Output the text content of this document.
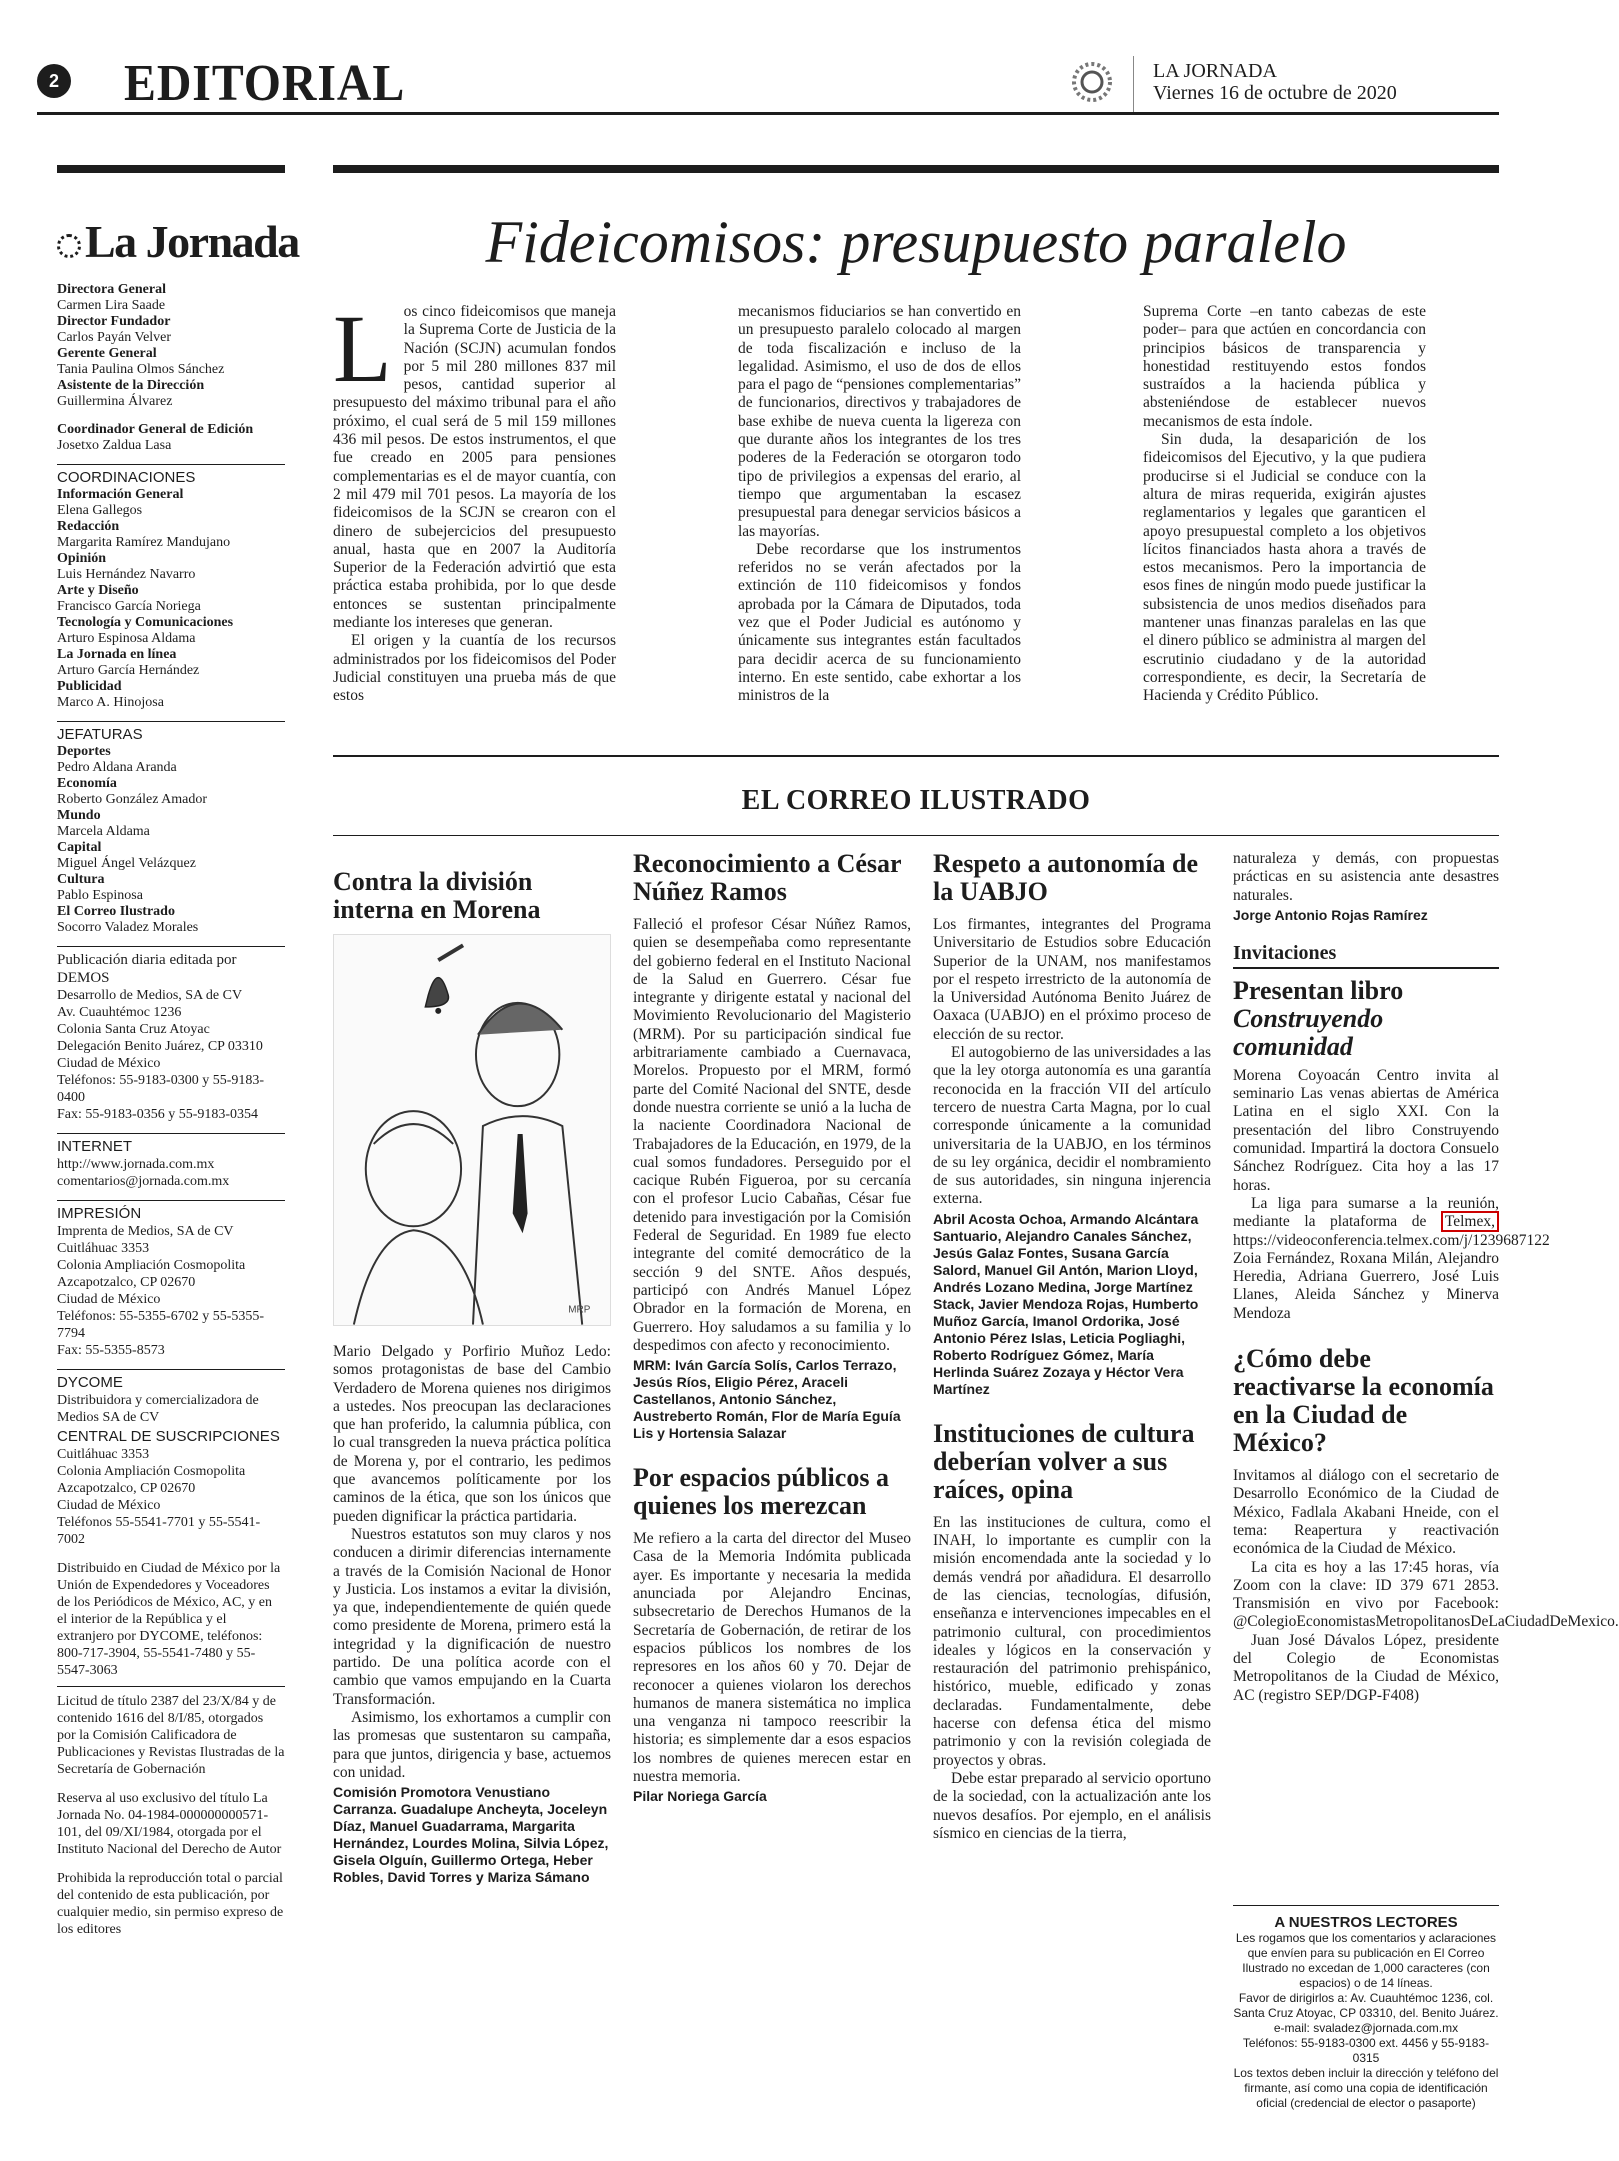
2 EDITORIAL	LA JORNADA
Viernes 16 de octubre de 2020
La Jornada
Directora General
Carmen Lira Saade
Director Fundador
Carlos Payán Velver
Gerente General
Tania Paulina Olmos Sánchez
Asistente de la Dirección
Guillermina Álvarez
Coordinador General de Edición
Josetxo Zaldua Lasa
COORDINACIONES
Información General
Elena Gallegos
Redacción
Margarita Ramírez Mandujano
Opinión
Luis Hernández Navarro
Arte y Diseño
Francisco García Noriega
Tecnología y Comunicaciones
Arturo Espinosa Aldama
La Jornada en línea
Arturo García Hernández
Publicidad
Marco A. Hinojosa
JEFATURAS
Deportes
Pedro Aldana Aranda
Economía
Roberto González Amador
Mundo
Marcela Aldama
Capital
Miguel Ángel Velázquez
Cultura
Pablo Espinosa
El Correo Ilustrado
Socorro Valadez Morales
Publicación diaria editada por DEMOS
Desarrollo de Medios, SA de CV
Av. Cuauhtémoc 1236
Colonia Santa Cruz Atoyac
Delegación Benito Juárez, CP 03310
Ciudad de México
Teléfonos: 55-9183-0300 y 55-9183-0400
Fax: 55-9183-0356 y 55-9183-0354
INTERNET
http://www.jornada.com.mx
comentarios@jornada.com.mx
IMPRESIÓN
Imprenta de Medios, SA de CV
Cuitláhuac 3353
Colonia Ampliación Cosmopolita
Azcapotzalco, CP 02670
Ciudad de México
Teléfonos: 55-5355-6702 y 55-5355-7794
Fax: 55-5355-8573
DYCOME
Distribuidora y comercializadora de Medios SA de CV
CENTRAL DE SUSCRIPCIONES
Cuitláhuac 3353
Colonia Ampliación Cosmopolita
Azcapotzalco, CP 02670
Ciudad de México
Teléfonos 55-5541-7701 y 55-5541-7002
Distribuido en Ciudad de México por la Unión de Expendedores y Voceadores de los Periódicos de México, AC, y en el interior de la República y el extranjero por DYCOME, teléfonos: 800-717-3904, 55-5541-7480 y 55-5547-3063
Licitud de título 2387 del 23/X/84 y de contenido 1616 del 8/I/85, otorgados por la Comisión Calificadora de Publicaciones y Revistas Ilustradas de la Secretaría de Gobernación
Reserva al uso exclusivo del título La Jornada No. 04-1984-000000000571-101, del 09/XI/1984, otorgada por el Instituto Nacional del Derecho de Autor
Prohibida la reproducción total o parcial del contenido de esta publicación, por cualquier medio, sin permiso expreso de los editores
Fideicomisos: presupuesto paralelo

Los cinco fideicomisos que maneja la Suprema Corte de Justicia de la Nación (SCJN) acumulan fondos por 5 mil 280 millones 837 mil pesos, cantidad superior al presupuesto del máximo tribunal para el año próximo, el cual será de 5 mil 159 millones 436 mil pesos. De estos instrumentos, el que fue creado en 2005 para pensiones complementarias es el de mayor cuantía, con 2 mil 479 mil 701 pesos. La mayoría de los fideicomisos de la SCJN se crearon con el dinero de subejercicios del presupuesto anual, hasta que en 2007 la Auditoría Superior de la Federación advirtió que esta práctica estaba prohibida, por lo que desde entonces se sustentan principalmente mediante los intereses que generan.

El origen y la cuantía de los recursos administrados por los fideicomisos del Poder Judicial constituyen una prueba más de que estos

mecanismos fiduciarios se han convertido en un presupuesto paralelo colocado al margen de toda fiscalización e incluso de la legalidad. Asimismo, el uso de dos de ellos para el pago de “pensiones complementarias” de funcionarios, directivos y trabajadores de base exhibe de nueva cuenta la ligereza con que durante años los integrantes de los tres poderes de la Federación se otorgaron todo tipo de privilegios a expensas del erario, al tiempo que argumentaban la escasez presupuestal para denegar servicios básicos a las mayorías.

Debe recordarse que los instrumentos referidos no se verán afectados por la extinción de 110 fideicomisos y fondos aprobada por la Cámara de Diputados, toda vez que el Poder Judicial es autónomo y únicamente sus integrantes están facultados para decidir acerca de su funcionamiento interno. En este sentido, cabe exhortar a los ministros de la

Suprema Corte –en tanto cabezas de este poder– para que actúen en concordancia con principios básicos de transparencia y honestidad restituyendo estos fondos sustraídos a la hacienda pública y absteniéndose de establecer nuevos mecanismos de esta índole.

Sin duda, la desaparición de los fideicomisos del Ejecutivo, y la que pudiera producirse si el Judicial se conduce con la altura de miras requerida, exigirán ajustes reglamentarios y legales que garanticen el apoyo presupuestal completo a los objetivos lícitos financiados hasta ahora a través de estos mecanismos. Pero la importancia de esos fines de ningún modo puede justificar la subsistencia de unos medios diseñados para mantener unas finanzas paralelas en las que el dinero público se administra al margen del escrutinio ciudadano y de la autoridad correspondiente, es decir, la Secretaría de Hacienda y Crédito Público.

EL CORREO ILUSTRADO
Contra la división interna en Morena
MRP

Mario Delgado y Porfirio Muñoz Ledo: somos protagonistas de base del Cambio Verdadero de Morena quienes nos dirigimos a ustedes. Nos preocupan las declaraciones que han proferido, la calumnia pública, con lo cual transgreden la nueva práctica política de Morena y, por el contrario, les pedimos que avancemos políticamente por los caminos de la ética, que son los únicos que pueden dignificar la práctica partidaria.

Nuestros estatutos son muy claros y nos conducen a dirimir diferencias internamente a través de la Comisión Nacional de Honor y Justicia. Los instamos a evitar la división, ya que, independientemente de quién quede como presidente de Morena, primero está la integridad y la dignificación de nuestro partido. De una política acorde con el cambio que vamos empujando en la Cuarta Transformación.

Asimismo, los exhortamos a cumplir con las promesas que sustentaron su campaña, para que juntos, dirigencia y base, actuemos con unidad.

Comisión Promotora Venustiano Carranza. Guadalupe Ancheyta, Joceleyn Díaz, Manuel Guadarrama, Margarita Hernández, Lourdes Molina, Silvia López, Gisela Olguín, Guillermo Ortega, Heber Robles, David Torres y Mariza Sámano
Reconocimiento a César Núñez Ramos

Falleció el profesor César Núñez Ramos, quien se desempeñaba como representante del gobierno federal en el Instituto Nacional de la Salud en Guerrero. César fue integrante y dirigente estatal y nacional del Movimiento Revolucionario del Magisterio (MRM). Por su participación sindical fue arbitrariamente cambiado a Cuernavaca, Morelos. Propuesto por el MRM, formó parte del Comité Nacional del SNTE, desde donde nuestra corriente se unió a la lucha de la naciente Coordinadora Nacional de Trabajadores de la Educación, en 1979, de la cual somos fundadores. Perseguido por el cacique Rubén Figueroa, por su cercanía con el profesor Lucio Cabañas, César fue detenido para investigación por la Comisión Federal de Seguridad. En 1989 fue electo integrante del comité democrático de la sección 9 del SNTE. Años después, participó con Andrés Manuel López Obrador en la formación de Morena, en Guerrero. Hoy saludamos a su familia y lo despedimos con afecto y reconocimiento.

MRM: Iván García Solís, Carlos Terrazo, Jesús Ríos, Eligio Pérez, Araceli Castellanos, Antonio Sánchez, Austreberto Román, Flor de María Eguía Lis y Hortensia Salazar
Por espacios públicos a quienes los merezcan

Me refiero a la carta del director del Museo Casa de la Memoria Indómita publicada ayer. Es importante y necesaria la medida anunciada por Alejandro Encinas, subsecretario de Derechos Humanos de la Secretaría de Gobernación, de retirar de los espacios públicos los nombres de los represores en los años 60 y 70. Dejar de reconocer a quienes violaron los derechos humanos de manera sistemática no implica una venganza ni tampoco reescribir la historia; es simplemente dar a esos espacios los nombres de quienes merecen estar en nuestra memoria.

Pilar Noriega García
Respeto a autonomía de la UABJO

Los firmantes, integrantes del Programa Universitario de Estudios sobre Educación Superior de la UNAM, nos manifestamos por el respeto irrestricto de la autonomía de la Universidad Autónoma Benito Juárez de Oaxaca (UABJO) en el próximo proceso de elección de su rector.

El autogobierno de las universidades a las que la ley otorga autonomía es una garantía reconocida en la fracción VII del artículo tercero de nuestra Carta Magna, por lo cual corresponde únicamente a la comunidad universitaria de la UABJO, en los términos de su ley orgánica, decidir el nombramiento de sus autoridades, sin ninguna injerencia externa.

Abril Acosta Ochoa, Armando Alcántara Santuario, Alejandro Canales Sánchez, Jesús Galaz Fontes, Susana García Salord, Manuel Gil Antón, Marion Lloyd, Andrés Lozano Medina, Jorge Martínez Stack, Javier Mendoza Rojas, Humberto Muñoz García, Imanol Ordorika, José Antonio Pérez Islas, Leticia Pogliaghi, Roberto Rodríguez Gómez, María Herlinda Suárez Zozaya y Héctor Vera Martínez
Instituciones de cultura deberían volver a sus raíces, opina

En las instituciones de cultura, como el INAH, lo importante es cumplir con la misión encomendada ante la sociedad y lo demás vendrá por añadidura. El desarrollo de las ciencias, tecnologías, difusión, enseñanza e intervenciones impecables en el patrimonio cultural, con procedimientos ideales y lógicos en la conservación y restauración del patrimonio prehispánico, histórico, mueble, edificado y zonas declaradas. Fundamentalmente, debe hacerse con defensa ética del mismo patrimonio y con la revisión colegiada de proyectos y obras.

Debe estar preparado al servicio oportuno de la sociedad, con la actualización ante los nuevos desafíos. Por ejemplo, en el análisis sísmico en ciencias de la tierra,

naturaleza y demás, con propuestas prácticas en su asistencia ante desastres naturales.

Jorge Antonio Rojas Ramírez
Invitaciones
Presentan libro
Construyendo comunidad

Morena Coyoacán Centro invita al seminario Las venas abiertas de América Latina en el siglo XXI. Con la presentación del libro Construyendo comunidad. Impartirá la doctora Consuelo Sánchez Rodríguez. Cita hoy a las 17 horas.

La liga para sumarse a la reunión, mediante la plataforma de Telmex, https://videoconferencia.telmex.com/j/1239687122

Zoia Fernández, Roxana Milán, Alejandro Heredia, Adriana Guerrero, José Luis Llanes, Aleida Sánchez y Minerva Mendoza

¿Cómo debe reactivarse la economía en la Ciudad de México?

Invitamos al diálogo con el secretario de Desarrollo Económico de la Ciudad de México, Fadlala Akabani Hneide, con el tema: Reapertura y reactivación económica de la Ciudad de México.

La cita es hoy a las 17:45 horas, vía Zoom con la clave: ID 379 671 2853. Transmisión en vivo por Facebook: @ColegioEconomistasMetropolitanosDeLaCiudadDeMexico.

Juan José Dávalos López, presidente del Colegio de Economistas Metropolitanos de la Ciudad de México, AC (registro SEP/DGP-F408)

A NUESTROS LECTORES
Les rogamos que los comentarios y aclaraciones que envíen para su publicación en El Correo Ilustrado no excedan de 1,000 caracteres (con espacios) o de 14 líneas.
Favor de dirigirlos a: Av. Cuauhtémoc 1236, col. Santa Cruz Atoyac, CP 03310, del. Benito Juárez.
e-mail: svaladez@jornada.com.mx
Teléfonos: 55-9183-0300 ext. 4456 y 55-9183-0315
Los textos deben incluir la dirección y teléfono del firmante, así como una copia de identificación oficial (credencial de elector o pasaporte)
